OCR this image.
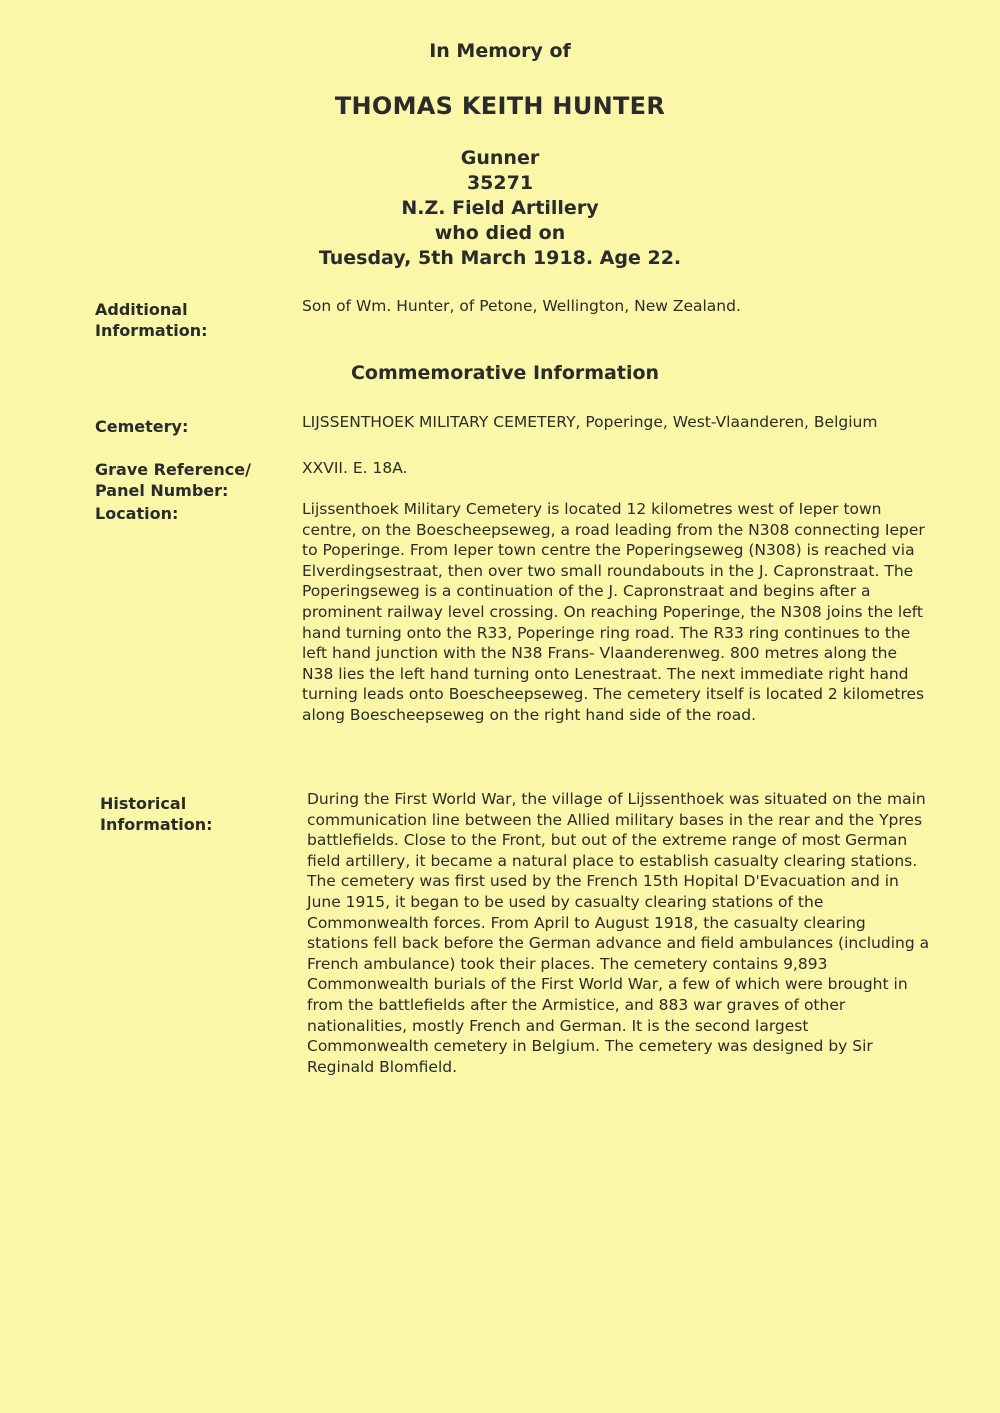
In Memory of
THOMAS KEITH HUNTER
Gunner
35271
N.Z. Field Artillery
who died on
Tuesday, 5th March 1918. Age 22.
Additional
Information:
Son of Wm. Hunter, of Petone, Wellington, New Zealand.
Commemorative Information
Cemetery:	LIJSSENTHOEK MILITARY CEMETERY, Poperinge, West-Vlaanderen, Belgium
Grave Reference/
Panel Number:
XXVII. E. 18A.
Location:	Lijssenthoek Military Cemetery is located 12 kilometres west of Ieper town centre, on the Boescheepseweg, a road leading from the N308 connecting Ieper to Poperinge. From Ieper town centre the Poperingseweg (N308) is reached via Elverdingsestraat, then over two small roundabouts in the J. Capronstraat. The Poperingseweg is a continuation of the J. Capronstraat and begins after a prominent railway level crossing. On reaching Poperinge, the N308 joins the left hand turning onto the R33, Poperinge ring road. The R33 ring continues to the left hand junction with the N38 Frans- Vlaanderenweg. 800 metres along the N38 lies the left hand turning onto Lenestraat. The next immediate right hand turning leads onto Boescheepseweg. The cemetery itself is located 2 kilometres along Boescheepseweg on the right hand side of the road.
Historical
Information:
During the First World War, the village of Lijssenthoek was situated on the main communication line between the Allied military bases in the rear and the Ypres battlefields. Close to the Front, but out of the extreme range of most German field artillery, it became a natural place to establish casualty clearing stations. The cemetery was first used by the French 15th Hopital D'Evacuation and in June 1915, it began to be used by casualty clearing stations of the Commonwealth forces. From April to August 1918, the casualty clearing stations fell back before the German advance and field ambulances (including a French ambulance) took their places. The cemetery contains 9,893 Commonwealth burials of the First World War, a few of which were brought in from the battlefields after the Armistice, and 883 war graves of other nationalities, mostly French and German. It is the second largest Commonwealth cemetery in Belgium. The cemetery was designed by Sir Reginald Blomfield.
